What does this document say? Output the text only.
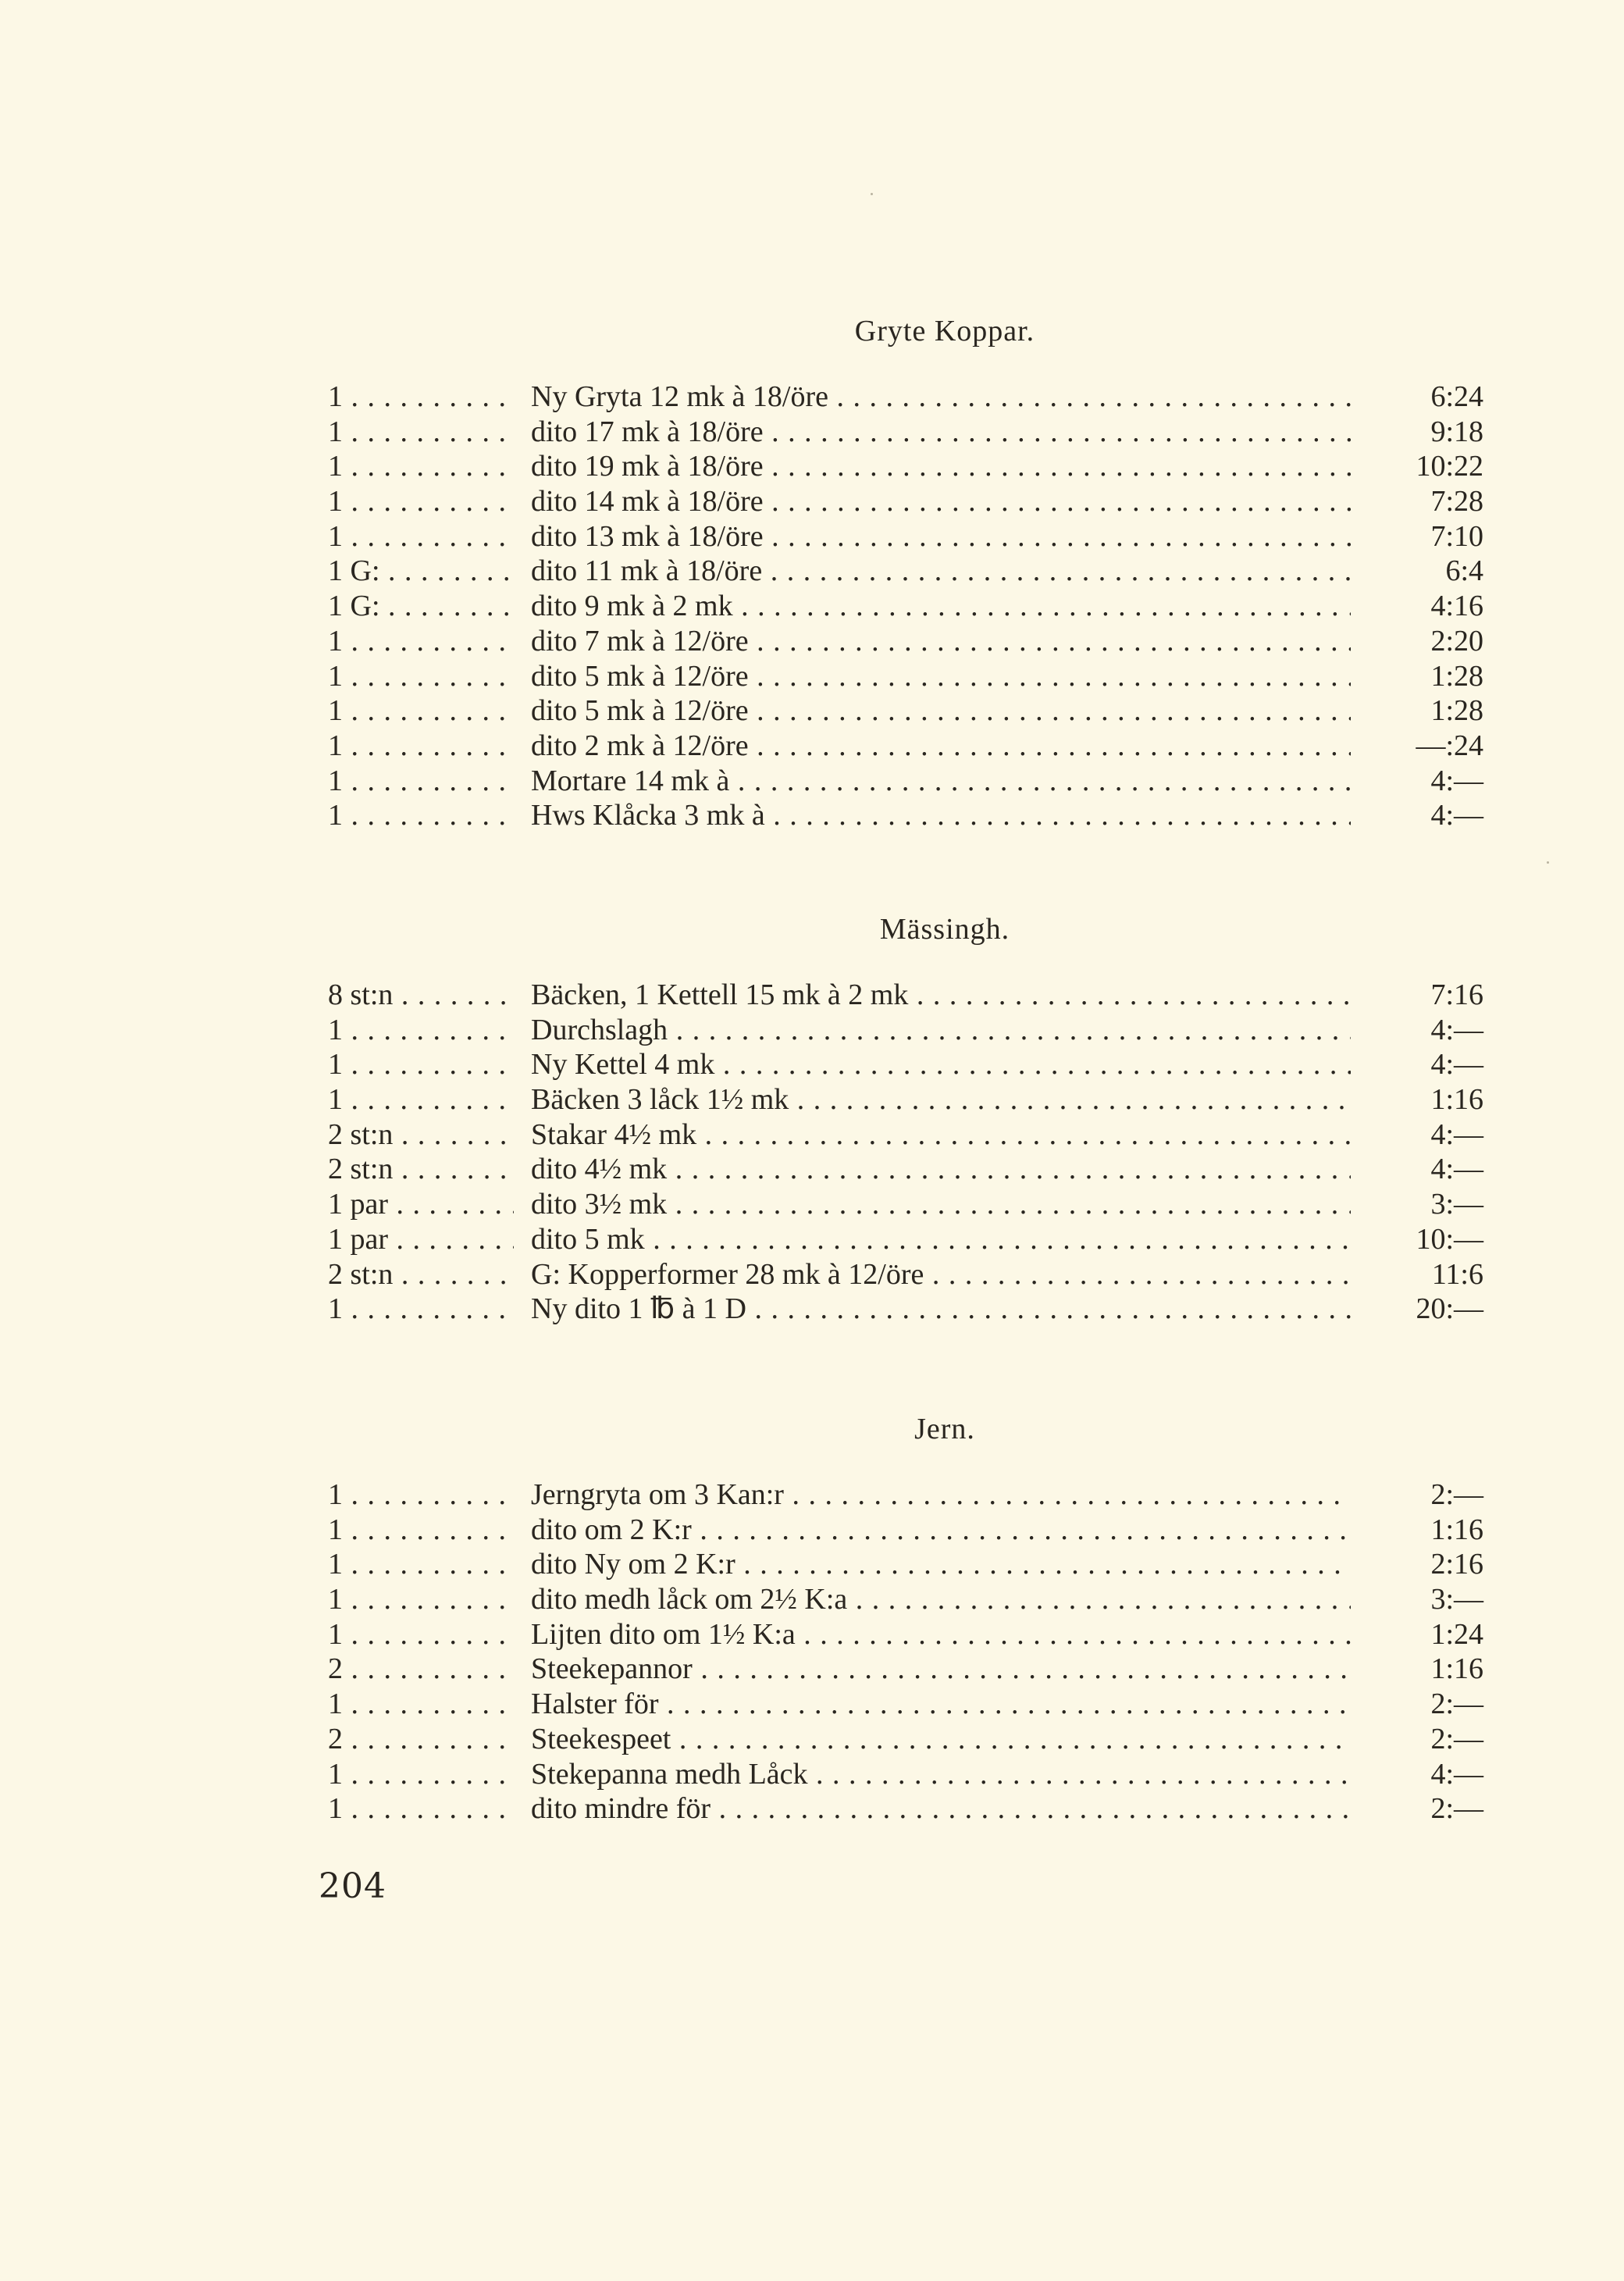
Gryte Koppar.
1 . . .	Ny Gryta 12 mk à 18/öre . . .	6:24
1 . . .	dito 17 mk à 18/öre . . .	9:18
1 . . .	dito 19 mk à 18/öre . . .	10:22
1 . . .	dito 14 mk à 18/öre . . .	7:28
1 . . .	dito 13 mk à 18/öre . . .	7:10
1 G: . . .	dito 11 mk à 18/öre . . .	6:4
1 G: . . .	dito 9 mk à 2 mk . . .	4:16
1 . . .	dito 7 mk à 12/öre . . .	2:20
1 . . .	dito 5 mk à 12/öre . . .	1:28
1 . . .	dito 5 mk à 12/öre . . .	1:28
1 . . .	dito 2 mk à 12/öre . . .	—:24
1 . . .	Mortare 14 mk à . . .	4:—
1 . . .	Hws Klåcka 3 mk à . . .	4:—
Mässingh.
8 st:n . . .	Bäcken, 1 Kettell 15 mk à 2 mk . . .	7:16
1 . . .	Durchslagh . . .	4:—
1 . . .	Ny Kettel 4 mk . . .	4:—
1 . . .	Bäcken 3 låck 1½ mk . . .	1:16
2 st:n . . .	Stakar 4½ mk . . .	4:—
2 st:n . . .	dito 4½ mk . . .	4:—
1 par . . .	dito 3½ mk . . .	3:—
1 par . . .	dito 5 mk . . .	10:—
2 st:n . . .	G: Kopperformer 28 mk à 12/öre . . .	11:6
1 . . .	Ny dito 1 ℔ à 1 D . . .	20:—
Jern.
1 . . .	Jerngryta om 3 Kan:r . . .	2:—
1 . . .	dito om 2 K:r . . .	1:16
1 . . .	dito Ny om 2 K:r . . .	2:16
1 . . .	dito medh låck om 2½ K:a . . .	3:—
1 . . .	Lijten dito om 1½ K:a . . .	1:24
2 . . .	Steekepannor . . .	1:16
1 . . .	Halster för . . .	2:—
2 . . .	Steekespeet . . .	2:—
1 . . .	Stekepanna medh Låck . . .	4:—
1 . . .	dito mindre för . . .	2:—
204
